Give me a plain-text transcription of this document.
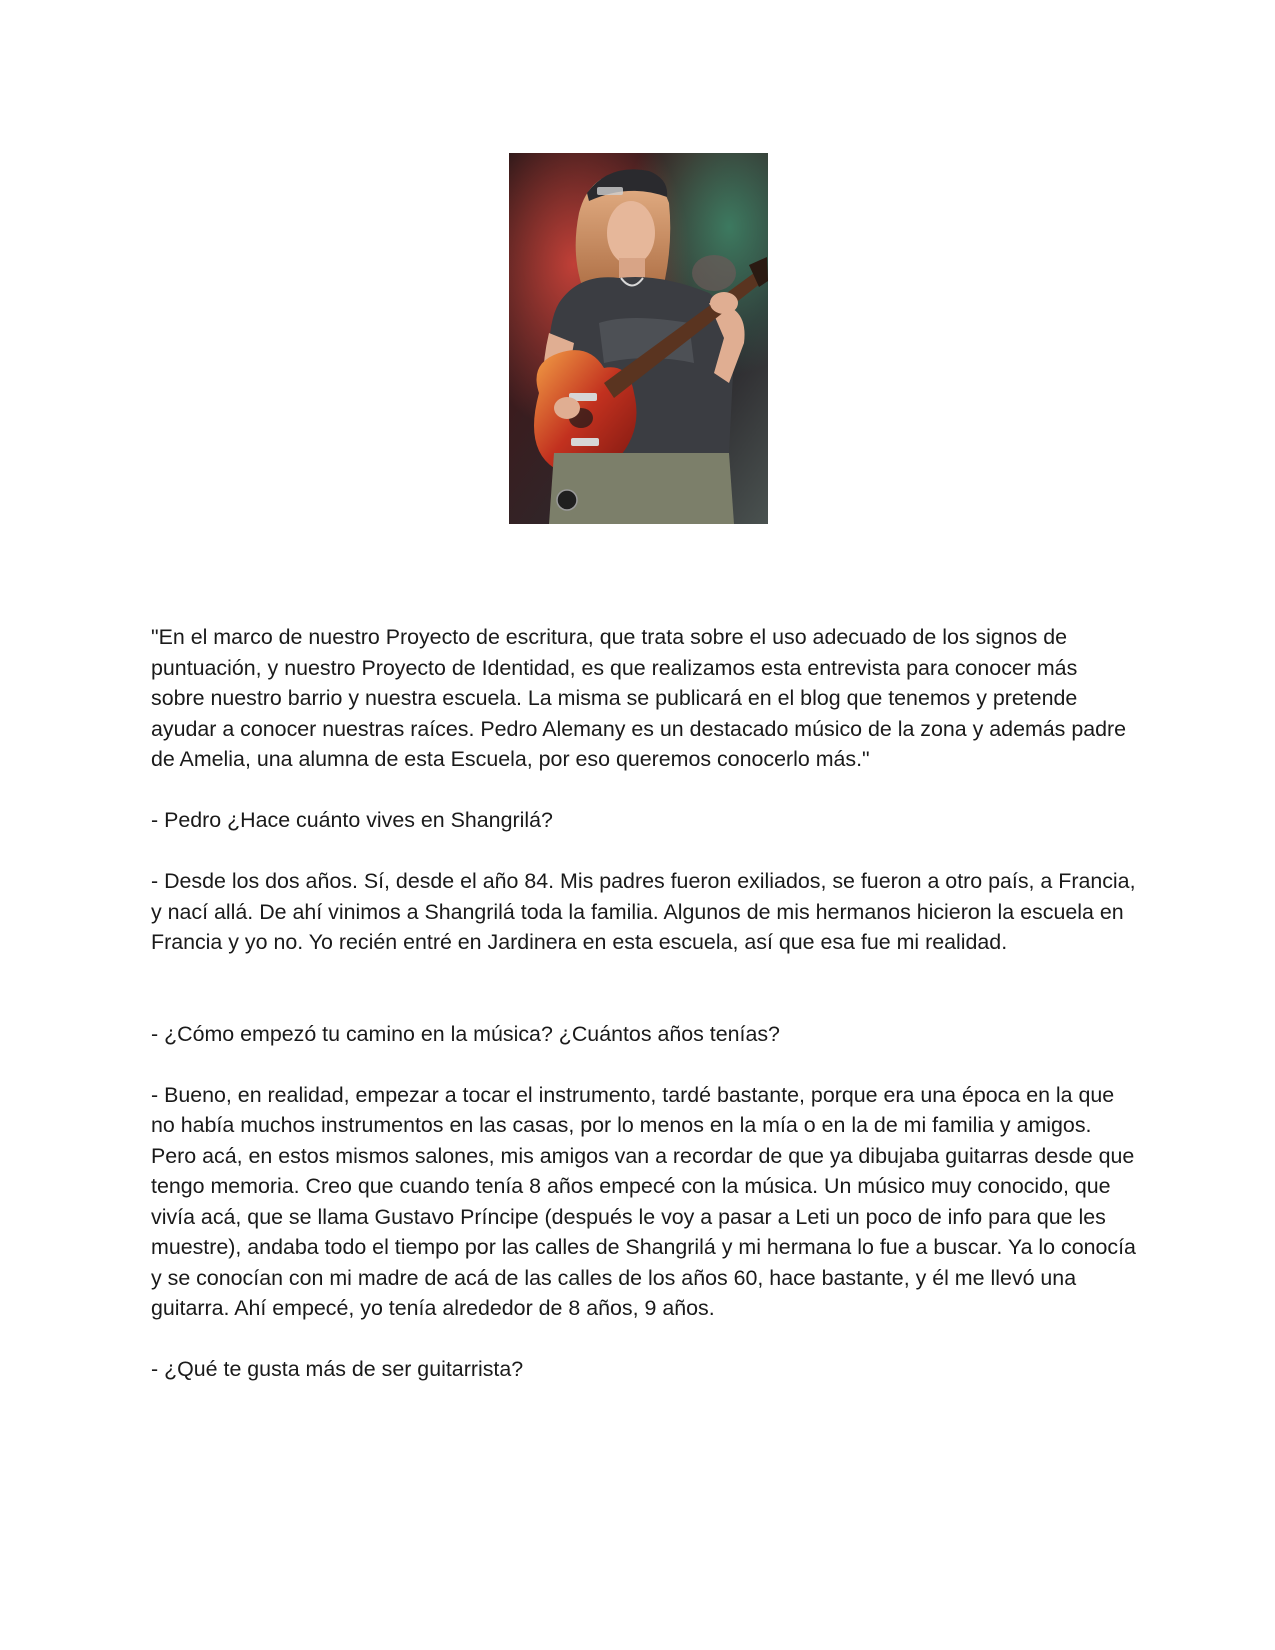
"En el marco de nuestro Proyecto de escritura, que trata sobre el uso adecuado de los signos de puntuación, y nuestro Proyecto de Identidad, es que realizamos esta entrevista para conocer más sobre nuestro barrio y nuestra escuela. La misma se publicará en el blog que tenemos y pretende ayudar a conocer nuestras raíces. Pedro Alemany es un destacado músico de la zona y además padre de Amelia, una alumna de esta Escuela, por eso queremos conocerlo más."

- Pedro ¿Hace cuánto vives en Shangrilá?

- Desde los dos años. Sí, desde el año 84. Mis padres fueron exiliados, se fueron a otro país, a Francia, y nací allá. De ahí vinimos a Shangrilá toda la familia. Algunos de mis hermanos hicieron la escuela en Francia y yo no. Yo recién entré en Jardinera en esta escuela, así que esa fue mi realidad.

- ¿Cómo empezó tu camino en la música? ¿Cuántos años tenías?

- Bueno, en realidad, empezar a tocar el instrumento, tardé bastante, porque era una época en la que no había muchos instrumentos en las casas, por lo menos en la mía o en la de mi familia y amigos. Pero acá, en estos mismos salones, mis amigos van a recordar de que ya dibujaba guitarras desde que tengo memoria. Creo que cuando tenía 8 años empecé con la música. Un músico muy conocido, que vivía acá, que se llama Gustavo Príncipe (después le voy a pasar a Leti un poco de info para que les muestre), andaba todo el tiempo por las calles de Shangrilá y mi hermana lo fue a buscar. Ya lo conocía y se conocían con mi madre de acá de las calles de los años 60, hace bastante, y él me llevó una guitarra. Ahí empecé, yo tenía alrededor de 8 años, 9 años.

- ¿Qué te gusta más de ser guitarrista?
